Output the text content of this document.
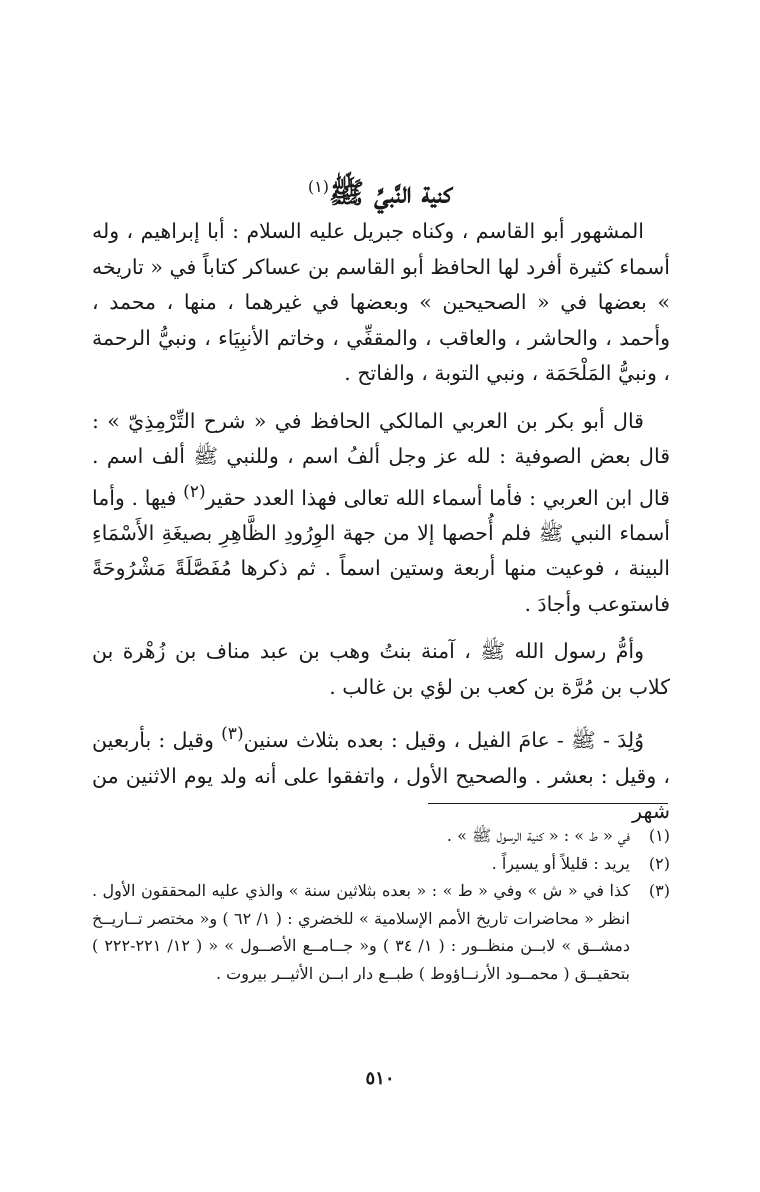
كنية النَّبيِّ ﷺ$^{(١)}$

المشهور أبو القاسم ، وكناه جبريل عليه السلام : أبا إبراهيم ، وله أسماء كثيرة أفرد لها الحافظ أبو القاسم بن عساكر كتاباً في « تاريخه » بعضها في « الصحيحين » وبعضها في غيرهما ، منها ، محمد ، وأحمد ، والحاشر ، والعاقب ، والمقفِّي ، وخاتم الأنبِيَاء ، ونبيُّ الرحمة ، ونبيُّ المَلْحَمَة ، ونبي التوبة ، والفاتح .

قال أبو بكر بن العربي المالكي الحافظ في « شرح التِّرْمِذِيّ » : قال بعض الصوفية : لله عز وجل ألفُ اسم ، وللنبي ﷺ ألف اسم . قال ابن العربي : فأما أسماء الله تعالى فهذا العدد حقير$^{(٢)}$ فيها . وأما أسماء النبي ﷺ فلم أُحصها إلا من جهة الوِرُودِ الظَّاهِرِ بصيغَةِ الأَسْمَاءِ البينة ، فوعيت منها أربعة وستين اسماً . ثم ذكرها مُفَصَّلَةً مَشْرُوحَةً فاستوعب وأجادَ .

وأمُّ رسول الله ﷺ ، آمنة بنتُ وهب بن عبد مناف بن زُهْرة بن كلاب بن مُرَّة بن كعب بن لؤي بن غالب .

وُلِدَ - ﷺ - عامَ الفيل ، وقيل : بعده بثلاث سنين$^{(٣)}$ وقيل : بأربعين ، وقيل : بعشر . والصحيح الأول ، واتفقوا على أنه ولد يوم الاثنين من شهر

(١)
في « ط » : « كنية الرسول ﷺ » .
(٢)
يريد : قليلاً أو يسيراً .
(٣)
كذا في « ش » وفي « ط » : « بعده بثلاثين سنة » والذي عليه المحققون الأول . انظر « محاضرات تاريخ الأمم الإسلامية » للخضري : ( ١/ ٦٢ ) و« مختصر تــاريــخ دمشــق » لابــن منظــور : ( ١/ ٣٤ ) و« جــامــع الأصــول » « ( ١٢/ ٢٢١-٢٢٢ ) بتحقيــق ( محمــود الأرنــاؤوط ) طبــع دار ابــن الأثيــر بيروت .
٥١٠
